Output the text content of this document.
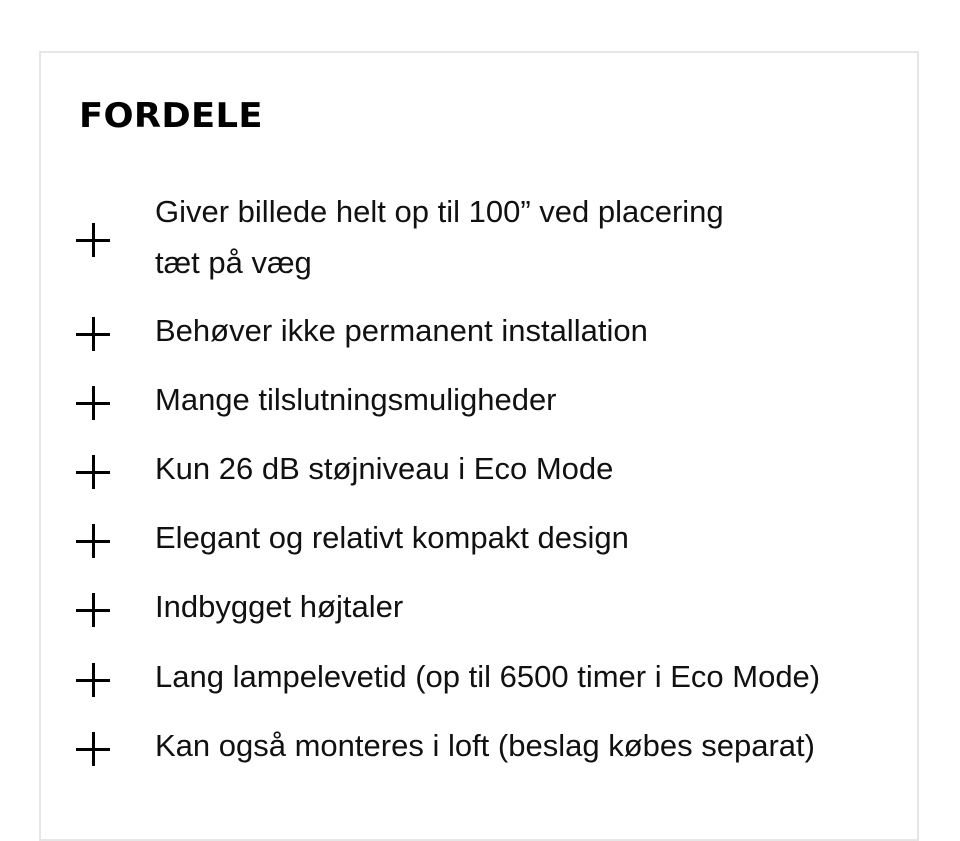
FORDELE
Giver billede helt op til 100” ved placering
tæt på væg
Behøver ikke permanent installation
Mange tilslutningsmuligheder
Kun 26 dB støjniveau i Eco Mode
Elegant og relativt kompakt design
Indbygget højtaler
Lang lampelevetid (op til 6500 timer i Eco Mode)
Kan også monteres i loft (beslag købes separat)
